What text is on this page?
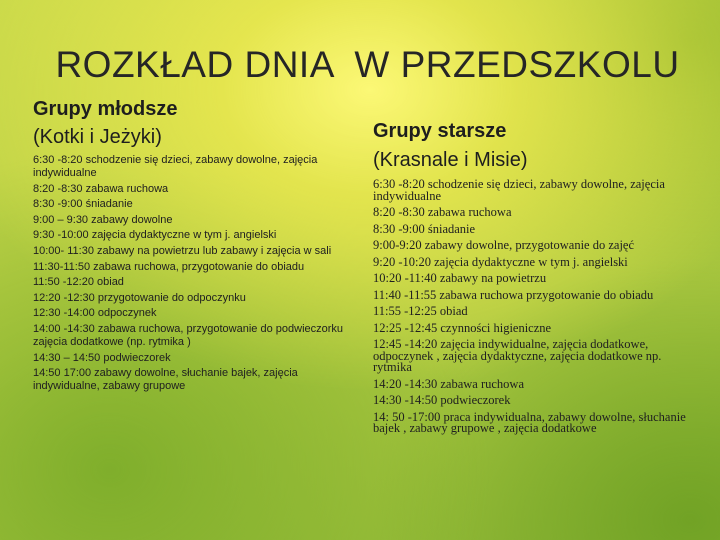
ROZKŁAD DNIA  W PRZEDSZKOLU
Grupy młodsze
(Kotki i Jeżyki)
6:30 -8:20 schodzenie się dzieci, zabawy dowolne, zajęcia indywidualne
8:20 -8:30 zabawa ruchowa
8:30 -9:00 śniadanie
9:00 – 9:30 zabawy dowolne
9:30 -10:00 zajęcia dydaktyczne w tym j. angielski
10:00- 11:30 zabawy na powietrzu lub zabawy i zajęcia w sali
11:30-11:50 zabawa ruchowa, przygotowanie do obiadu
11:50 -12:20 obiad
12:20 -12:30 przygotowanie do odpoczynku
12:30 -14:00 odpoczynek
14:00 -14:30 zabawa ruchowa, przygotowanie do podwieczorku zajęcia dodatkowe (np. rytmika )
14:30 – 14:50 podwieczorek
14:50 17:00 zabawy dowolne, słuchanie bajek, zajęcia indywidualne, zabawy grupowe
Grupy starsze
(Krasnale i Misie)
6:30 -8:20 schodzenie się dzieci, zabawy dowolne, zajęcia indywidualne
8:20 -8:30 zabawa ruchowa
8:30 -9:00 śniadanie
9:00-9:20 zabawy dowolne, przygotowanie do zajęć
9:20 -10:20 zajęcia dydaktyczne w tym j. angielski
10:20 -11:40 zabawy na powietrzu
11:40 -11:55 zabawa ruchowa przygotowanie do obiadu
11:55 -12:25 obiad
12:25 -12:45 czynności higieniczne
12:45 -14:20 zajęcia indywidualne, zajęcia dodatkowe, odpoczynek , zajęcia dydaktyczne, zajęcia dodatkowe np. rytmika
14:20 -14:30 zabawa ruchowa
14:30 -14:50 podwieczorek
14: 50 -17:00 praca indywidualna, zabawy dowolne, słuchanie bajek , zabawy grupowe , zajęcia dodatkowe
